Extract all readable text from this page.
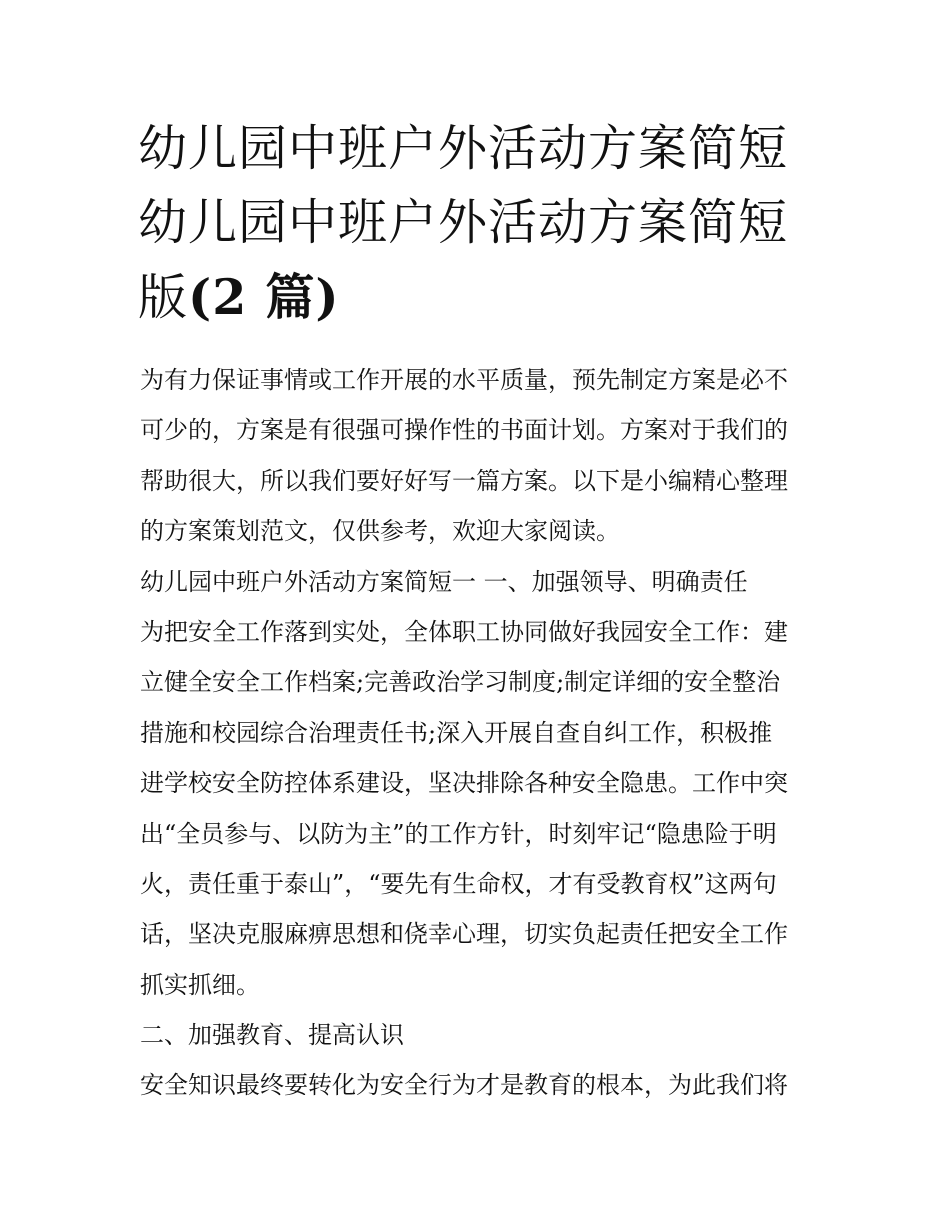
幼儿园中班户外活动方案简短
幼儿园中班户外活动方案简短
版(2 篇)
为有力保证事情或工作开展的水平质量，预先制定方案是必不
可少的，方案是有很强可操作性的书面计划。方案对于我们的
帮助很大，所以我们要好好写一篇方案。以下是小编精心整理
的方案策划范文，仅供参考，欢迎大家阅读。
幼儿园中班户外活动方案简短一 一、加强领导、明确责任
为把安全工作落到实处，全体职工协同做好我园安全工作：建
立健全安全工作档案;完善政治学习制度;制定详细的安全整治
措施和校园综合治理责任书;深入开展自查自纠工作，积极推
进学校安全防控体系建设，坚决排除各种安全隐患。工作中突
出“全员参与、以防为主”的工作方针，时刻牢记“隐患险于明
火，责任重于泰山”，“要先有生命权，才有受教育权”这两句
话，坚决克服麻痹思想和侥幸心理，切实负起责任把安全工作
抓实抓细。
二、加强教育、提高认识
安全知识最终要转化为安全行为才是教育的根本，为此我们将
